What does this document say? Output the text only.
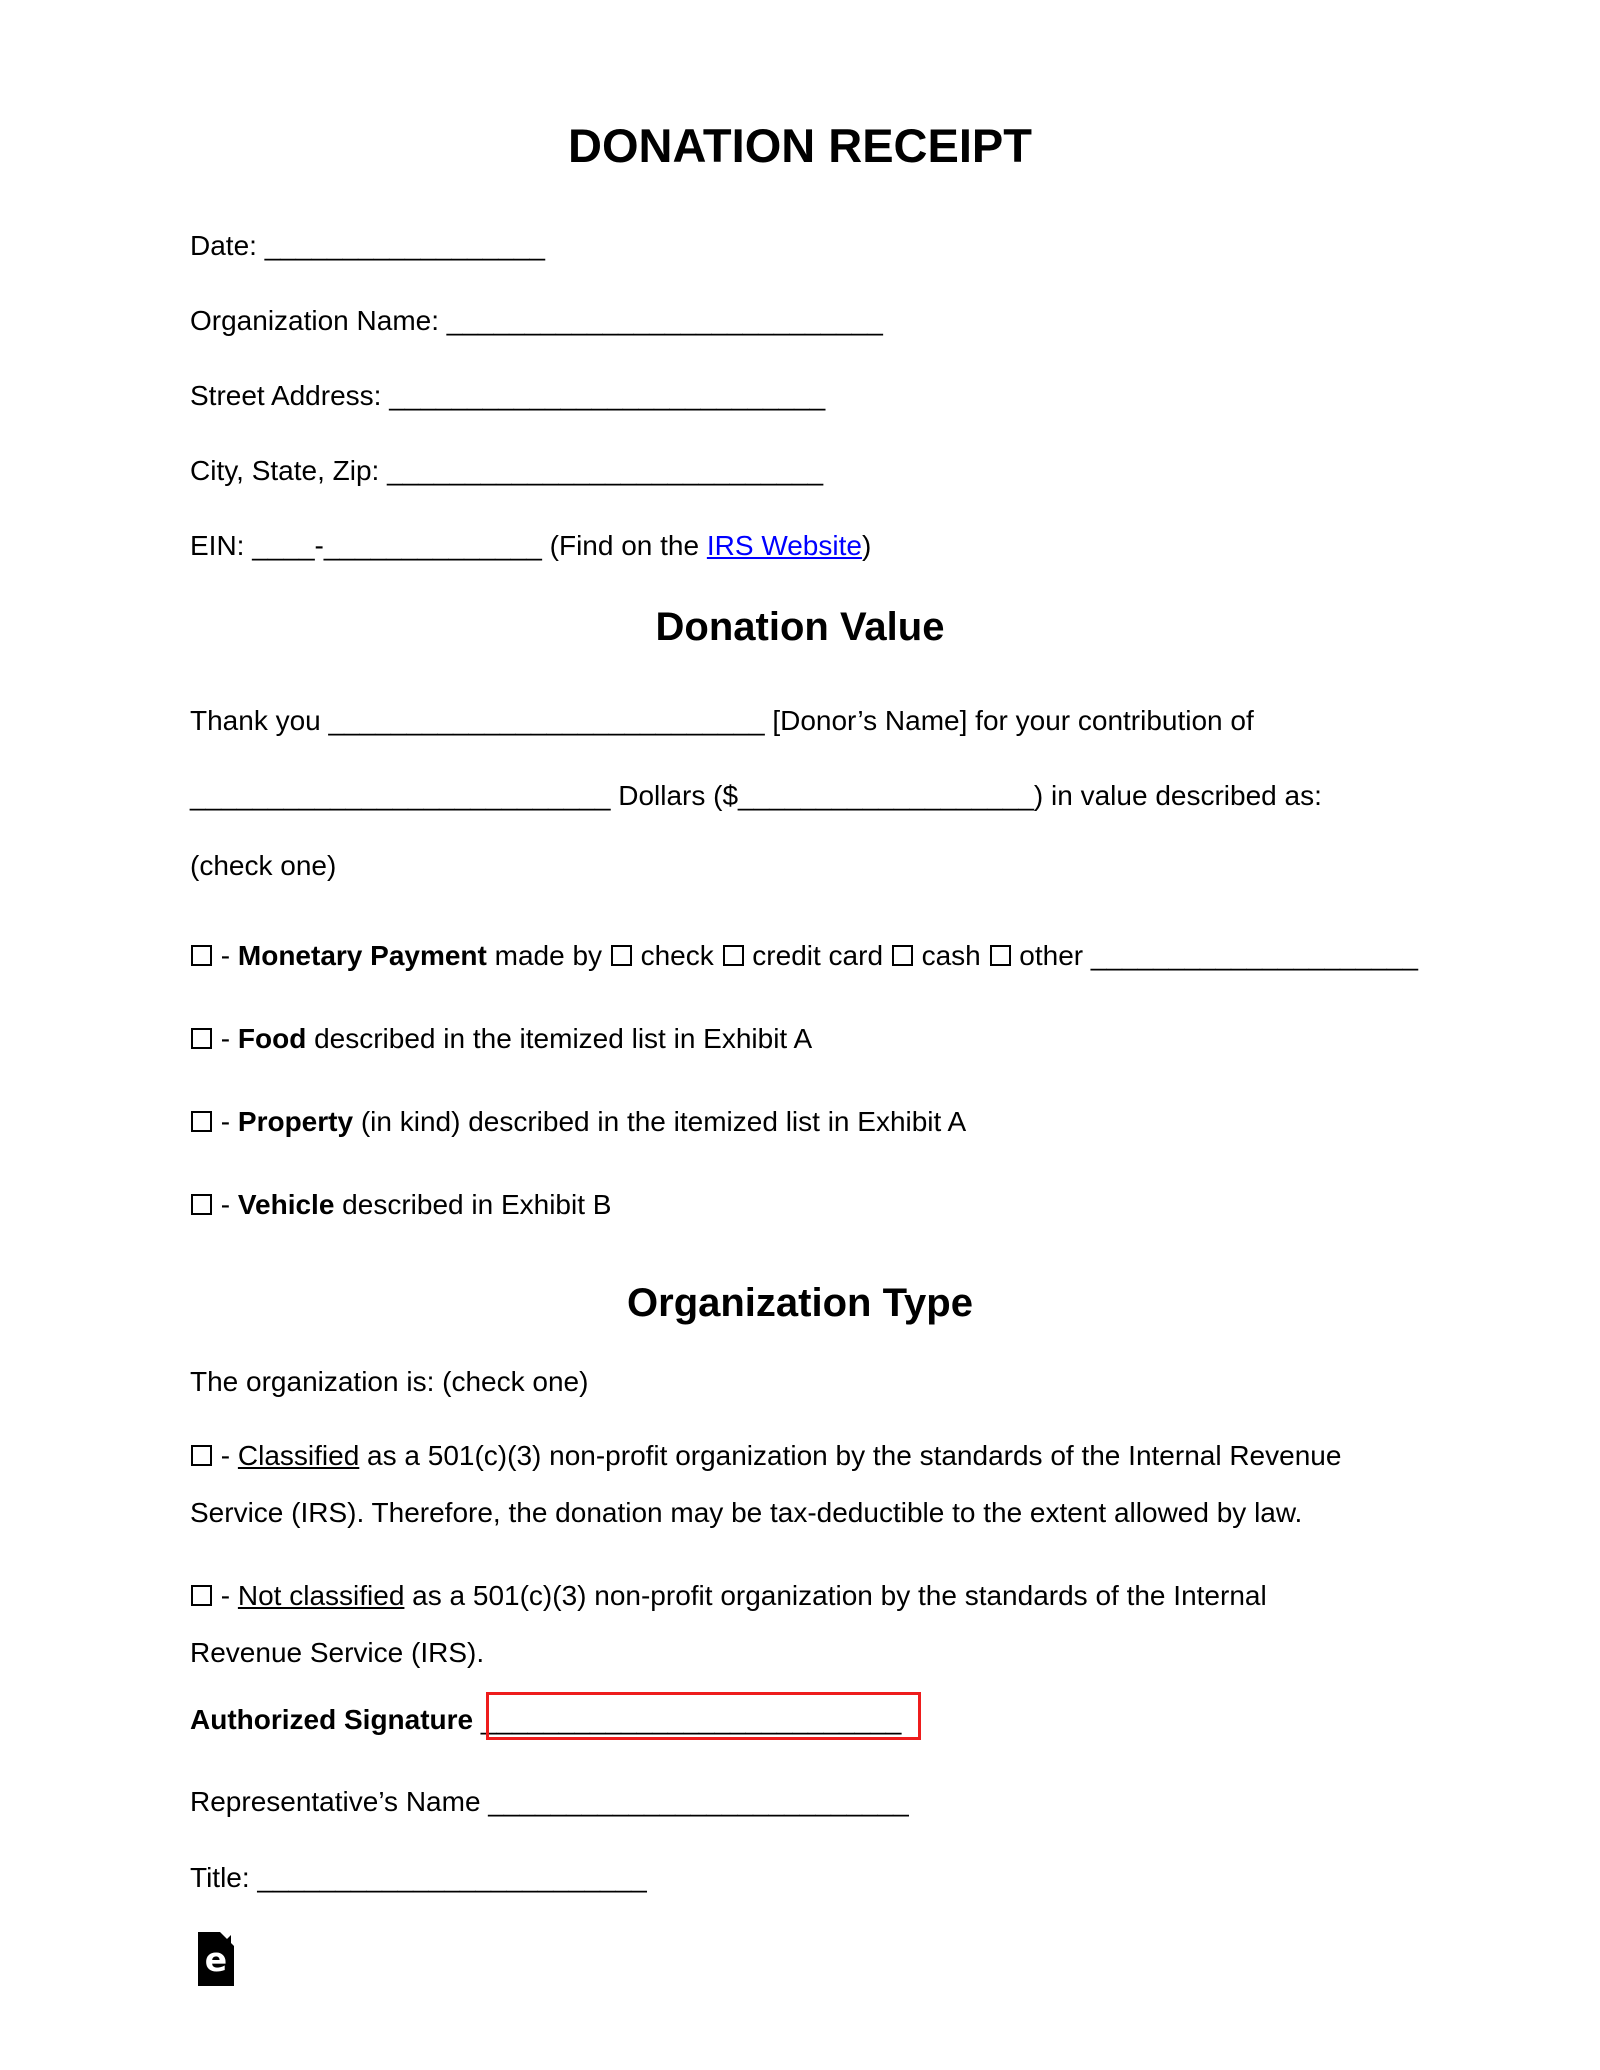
DONATION RECEIPT
Date: __________________
Organization Name: ____________________________
Street Address: ____________________________
City, State, Zip: ____________________________
EIN: ____-______________ (Find on the IRS Website)
Donation Value
Thank you ____________________________ [Donor’s Name] for your contribution of
___________________________ Dollars ($___________________) in value described as:
(check one)
- Monetary Payment made by  check  credit card  cash  other _____________________
- Food described in the itemized list in Exhibit A
- Property (in kind) described in the itemized list in Exhibit A
- Vehicle described in Exhibit B
Organization Type
The organization is: (check one)
- Classified as a 501(c)(3) non-profit organization by the standards of the Internal Revenue
Service (IRS). Therefore, the donation may be tax-deductible to the extent allowed by law.
- Not classified as a 501(c)(3) non-profit organization by the standards of the Internal
Revenue Service (IRS).
Authorized Signature ___________________________
Representative’s Name ___________________________
Title: _________________________
e
